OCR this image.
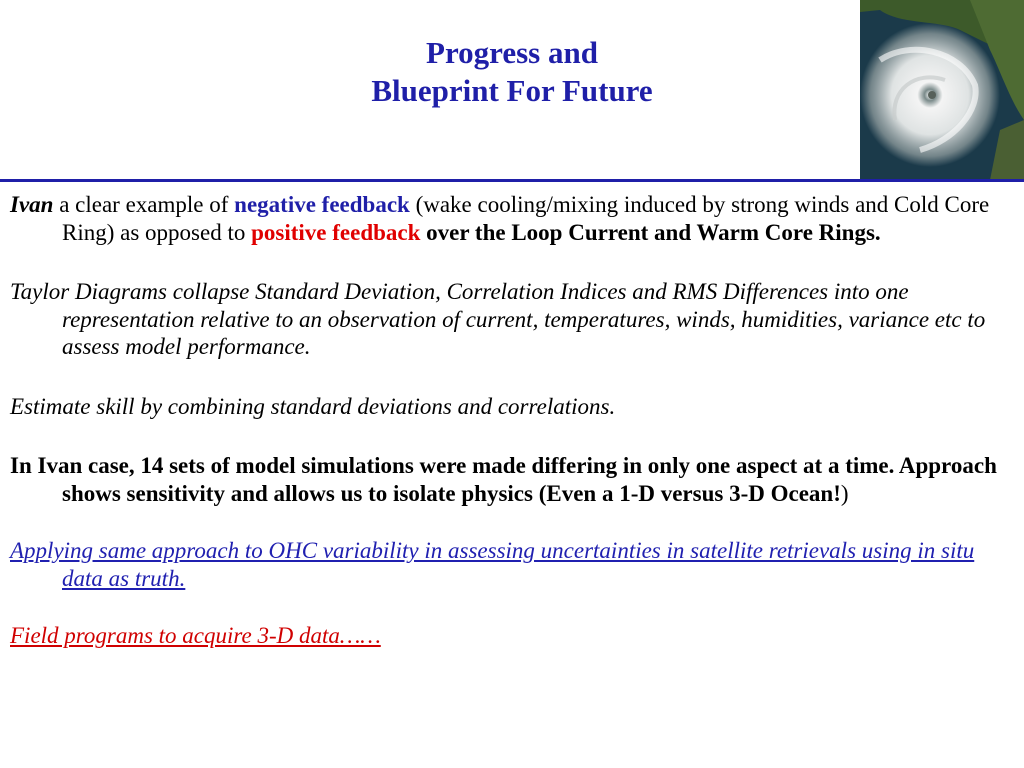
Progress and
Blueprint For Future

Ivan a clear example of negative feedback (wake cooling/mixing induced by strong winds and Cold Core Ring) as opposed to positive feedback over the Loop Current and Warm Core Rings.

Taylor Diagrams collapse Standard Deviation, Correlation Indices and RMS Differences into one representation relative to an observation of current, temperatures, winds, humidities, variance etc to assess model performance.

Estimate skill by combining standard deviations and correlations.

In Ivan case, 14 sets of model simulations were made differing in only one aspect at a time. Approach shows sensitivity and allows us to isolate physics (Even a 1-D versus 3-D Ocean!)

Applying same approach to OHC variability in assessing uncertainties in satellite retrievals using in situ data as truth.

Field programs to acquire 3-D data……
